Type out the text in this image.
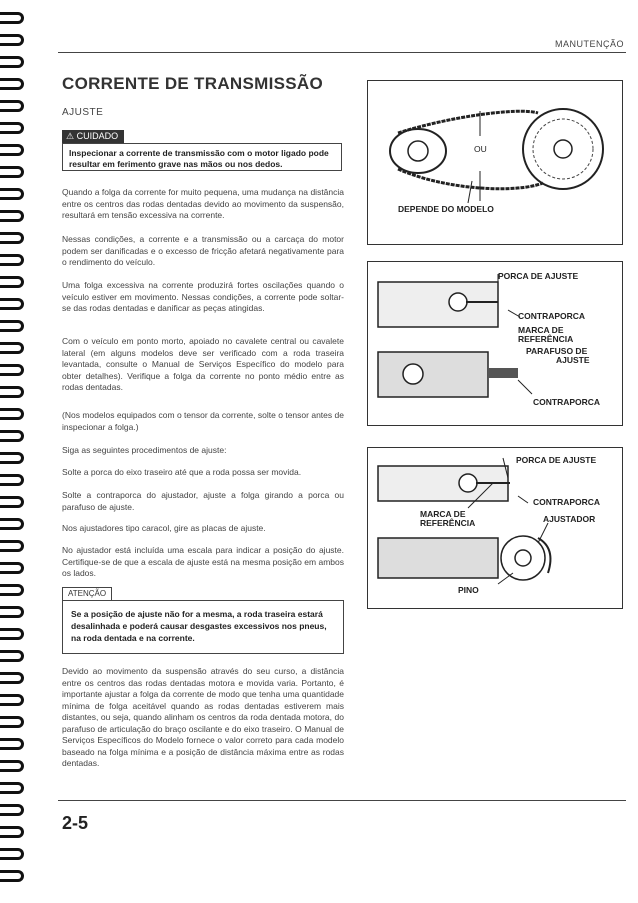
MANUTENÇÃO
CORRENTE DE TRANSMISSÃO
AJUSTE
⚠ CUIDADO
Inspecionar a corrente de transmissão com o motor ligado pode resultar em ferimento grave nas mãos ou nos dedos.
Quando a folga da corrente for muito pequena, uma mudança na distância entre os centros das rodas dentadas devido ao movimento da suspensão, resultará em tensão excessiva na corrente.
Nessas condições, a corrente e a transmissão ou a carcaça do motor podem ser danificadas e o excesso de fricção afetará negativamente para o rendimento do veículo.
Uma folga excessiva na corrente produzirá fortes oscilações quando o veículo estiver em movimento. Nessas condições, a corrente pode soltar-se das rodas dentadas e danificar as peças atingidas.
Com o veículo em ponto morto, apoiado no cavalete central ou cavalete lateral (em alguns modelos deve ser verificado com a roda traseira levantada, consulte o Manual de Serviços Específico do modelo para obter detalhes). Verifique a folga da corrente no ponto médio entre as rodas dentadas.
(Nos modelos equipados com o tensor da corrente, solte o tensor antes de inspecionar a folga.)
Siga as seguintes procedimentos de ajuste:
Solte a porca do eixo traseiro até que a roda possa ser movida.
Solte a contraporca do ajustador, ajuste a folga girando a porca ou parafuso de ajuste.
Nos ajustadores tipo caracol, gire as placas de ajuste.
No ajustador está incluída uma escala para indicar a posição do ajuste. Certifique-se de que a escala de ajuste está na mesma posição em ambos os lados.
ATENÇÃO
Se a posição de ajuste não for a mesma, a roda traseira estará desalinhada e poderá causar desgastes excessivos nos pneus, na roda dentada e na corrente.
Devido ao movimento da suspensão através do seu curso, a distância entre os centros das rodas dentadas motora e movida varia. Portanto, é importante ajustar a folga da corrente de modo que tenha uma quantidade mínima de folga aceitável quando as rodas dentadas estiverem mais distantes, ou seja, quando alinham os centros da roda dentada motora, do parafuso de articulação do braço oscilante e do eixo traseiro. O Manual de Serviços Específicos do Modelo fornece o valor correto para cada modelo baseado na folga mínima e a posição de distância máxima entre as rodas dentadas.
OU
DEPENDE DO MODELO
PORCA DE AJUSTE
CONTRAPORCA
MARCA DE
REFERÊNCIA
PARAFUSO DE
AJUSTE
CONTRAPORCA
PORCA DE AJUSTE
CONTRAPORCA
MARCA DE
REFERÊNCIA	AJUSTADOR
PINO
2-5
